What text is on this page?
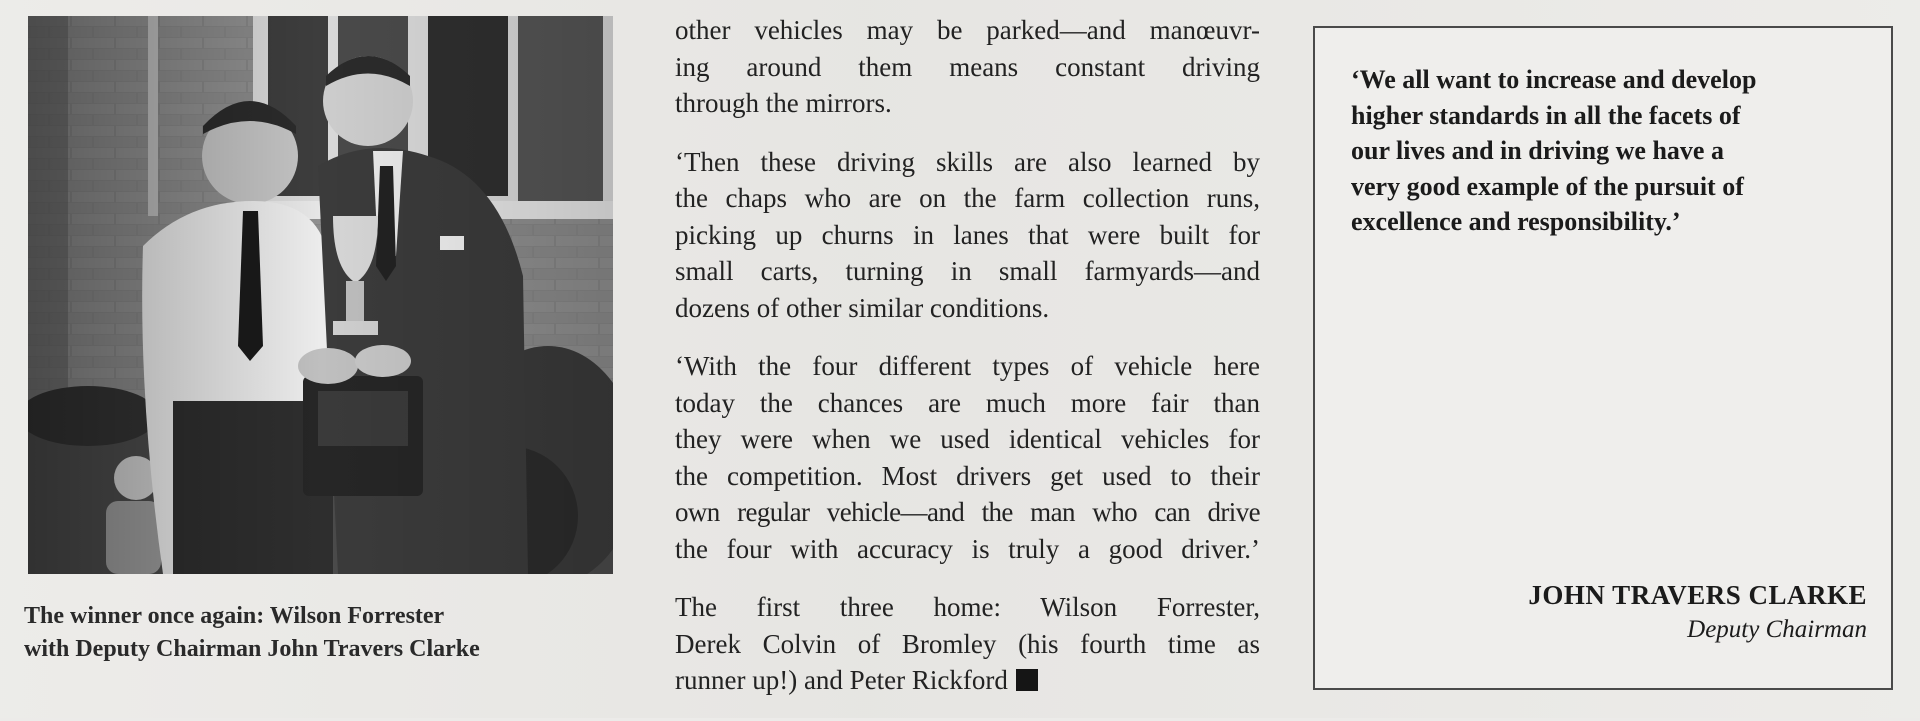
The winner once again: Wilson Forrester
with Deputy Chairman John Travers Clarke

other vehicles may be parked—and manœuvr-
ing around them means constant driving
through the mirrors.

‘Then these driving skills are also learned by
the chaps who are on the farm collection runs,
picking up churns in lanes that were built for
small carts, turning in small farmyards—and
dozens of other similar conditions.

‘With the four different types of vehicle here
today the chances are much more fair than
they were when we used identical vehicles for
the competition. Most drivers get used to their
own regular vehicle—and the man who can drive
the four with accuracy is truly a good driver.’

The first three home: Wilson Forrester,
Derek Colvin of Bromley (his fourth time as
runner up!) and Peter Rickford

‘We all want to increase and develop
higher standards in all the facets of
our lives and in driving we have a
very good example of the pursuit of
excellence and responsibility.’
JOHN TRAVERS CLARKE
Deputy Chairman
